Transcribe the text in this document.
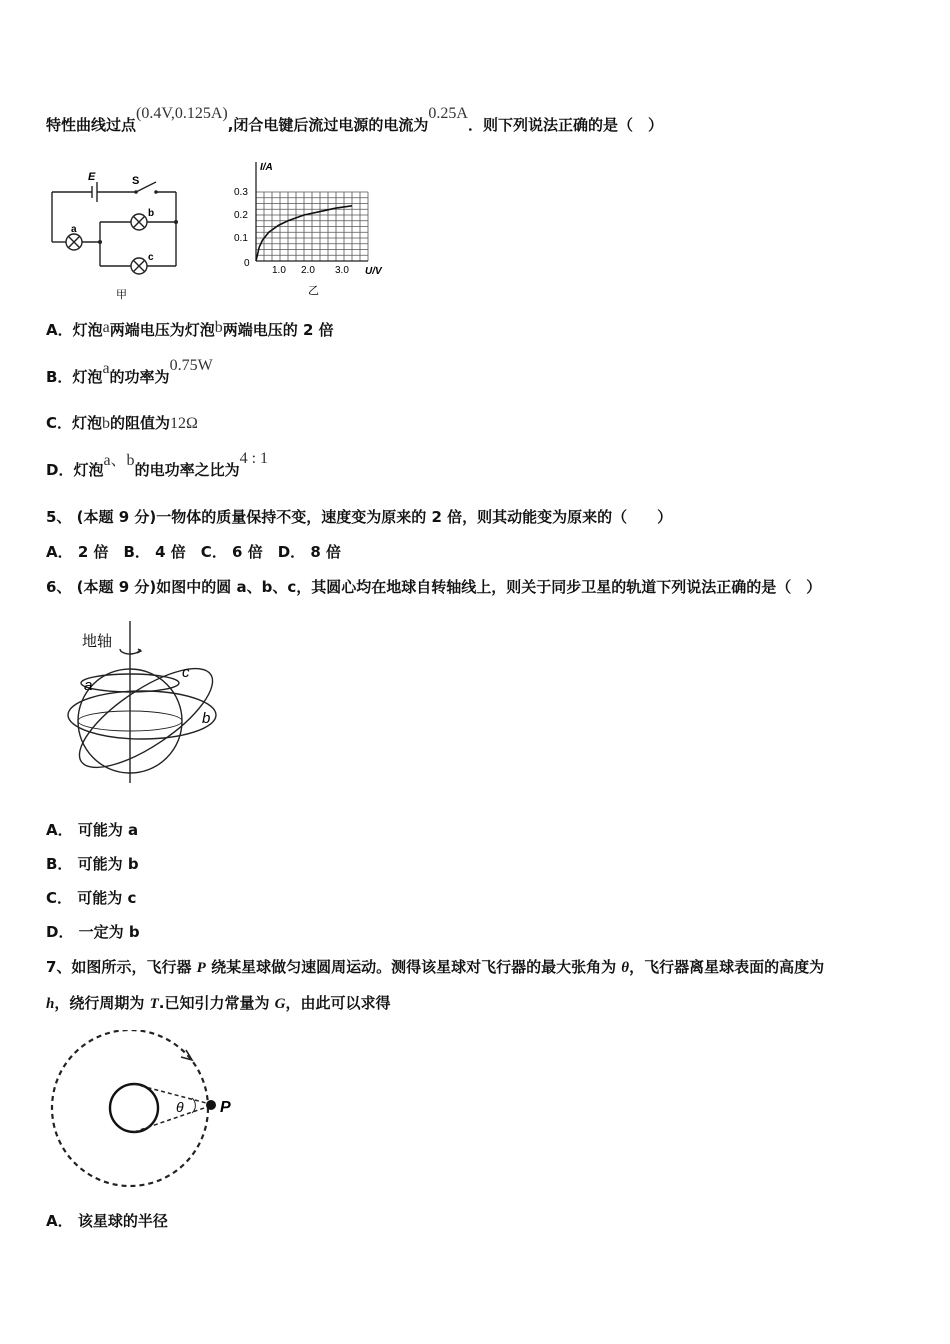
特性曲线过点(0.4V,0.125A),闭合电键后流过电源的电流为0.25A．则下列说法正确的是（　）
E	S
a
b
c
甲
I/A
U/V
0.3
0.2
0.1
0
1.0 2.0 3.0
乙
A．灯泡a两端电压为灯泡b两端电压的 2 倍
B．灯泡a的功率为0.75W
C．灯泡b的阻值为12Ω
D．灯泡a、b的电功率之比为4 : 1
5、 (本题 9 分)一物体的质量保持不变，速度变为原来的 2 倍，则其动能变为原来的（　　）
A． 2 倍　B． 4 倍　C． 6 倍　D． 8 倍
6、 (本题 9 分)如图中的圆 a、b、c，其圆心均在地球自转轴线上，则关于同步卫星的轨道下列说法正确的是（　）
地轴
a
b
c
A． 可能为 a
B． 可能为 b
C． 可能为 c
D． 一定为 b
7、如图所示，飞行器 P 绕某星球做匀速圆周运动。测得该星球对飞行器的最大张角为 θ，飞行器离星球表面的高度为
h，绕行周期为 T.已知引力常量为 G，由此可以求得
θ P
A． 该星球的半径
